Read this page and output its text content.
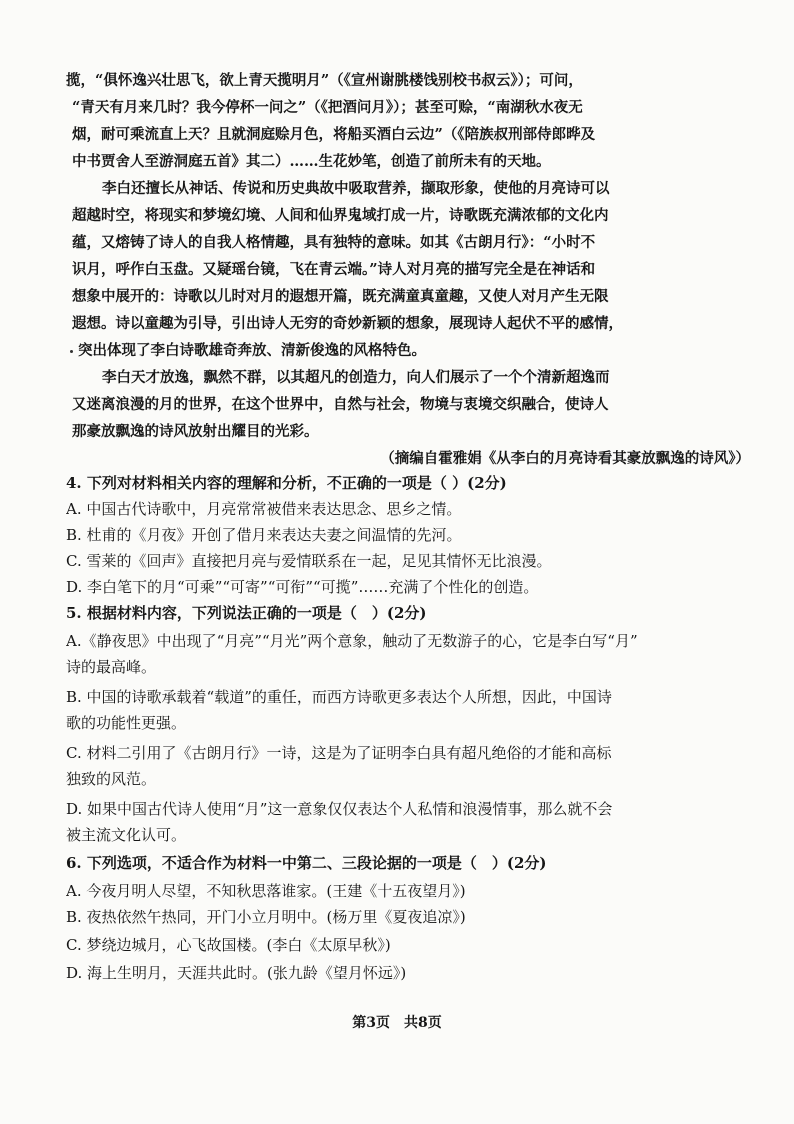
揽，“俱怀逸兴壮思飞，欲上青天揽明月”（《宣州谢朓楼饯别校书叔云》）；可问，
“青天有月来几时？我今停杯一问之”（《把酒问月》）；甚至可赊，“南湖秋水夜无
烟，耐可乘流直上天？且就洞庭赊月色，将船买酒白云边”（《陪族叔刑部侍郎晔及
中书贾舍人至游洞庭五首》其二）……生花妙笔，创造了前所未有的天地。
李白还擅长从神话、传说和历史典故中吸取营养，撷取形象，使他的月亮诗可以
超越时空，将现实和梦境幻境、人间和仙界鬼域打成一片，诗歌既充满浓郁的文化内
蕴，又熔铸了诗人的自我人格情趣，具有独特的意味。如其《古朗月行》：“小时不
识月，呼作白玉盘。又疑瑶台镜，飞在青云端。”诗人对月亮的描写完全是在神话和
想象中展开的：诗歌以儿时对月的遐想开篇，既充满童真童趣，又使人对月产生无限
遐想。诗以童趣为引导，引出诗人无穷的奇妙新颖的想象，展现诗人起伏不平的感情，
突出体现了李白诗歌雄奇奔放、清新俊逸的风格特色。
李白天才放逸，飘然不群，以其超凡的创造力，向人们展示了一个个清新超逸而
又迷离浪漫的月的世界，在这个世界中，自然与社会，物境与衷境交织融合，使诗人
那豪放飘逸的诗风放射出耀目的光彩。
（摘编自霍雅娟《从李白的月亮诗看其豪放飘逸的诗风》）
4. 下列对材料相关内容的理解和分析，不正确的一项是（ ）(2分)
A. 中国古代诗歌中，月亮常常被借来表达思念、思乡之情。
B. 杜甫的《月夜》开创了借月来表达夫妻之间温情的先河。
C. 雪莱的《回声》直接把月亮与爱情联系在一起，足见其情怀无比浪漫。
D. 李白笔下的月“可乘”“可寄”“可衔”“可揽”……充满了个性化的创造。
5. 根据材料内容，下列说法正确的一项是（　）(2分)
A.《静夜思》中出现了“月亮”“月光”两个意象，触动了无数游子的心，它是李白写“月”
诗的最高峰。
B. 中国的诗歌承载着“载道”的重任，而西方诗歌更多表达个人所想，因此，中国诗
歌的功能性更强。
C. 材料二引用了《古朗月行》一诗，这是为了证明李白具有超凡绝俗的才能和高标
独致的风范。
D. 如果中国古代诗人使用“月”这一意象仅仅表达个人私情和浪漫情事，那么就不会
被主流文化认可。
6. 下列选项，不适合作为材料一中第二、三段论据的一项是（　）(2分)
A. 今夜月明人尽望，不知秋思落谁家。(王建《十五夜望月》)
B. 夜热依然午热同，开门小立月明中。(杨万里《夏夜追凉》)
C. 梦绕边城月，心飞故国楼。(李白《太原早秋》)
D. 海上生明月，天涯共此时。(张九龄《望月怀远》)
第3页　共8页
